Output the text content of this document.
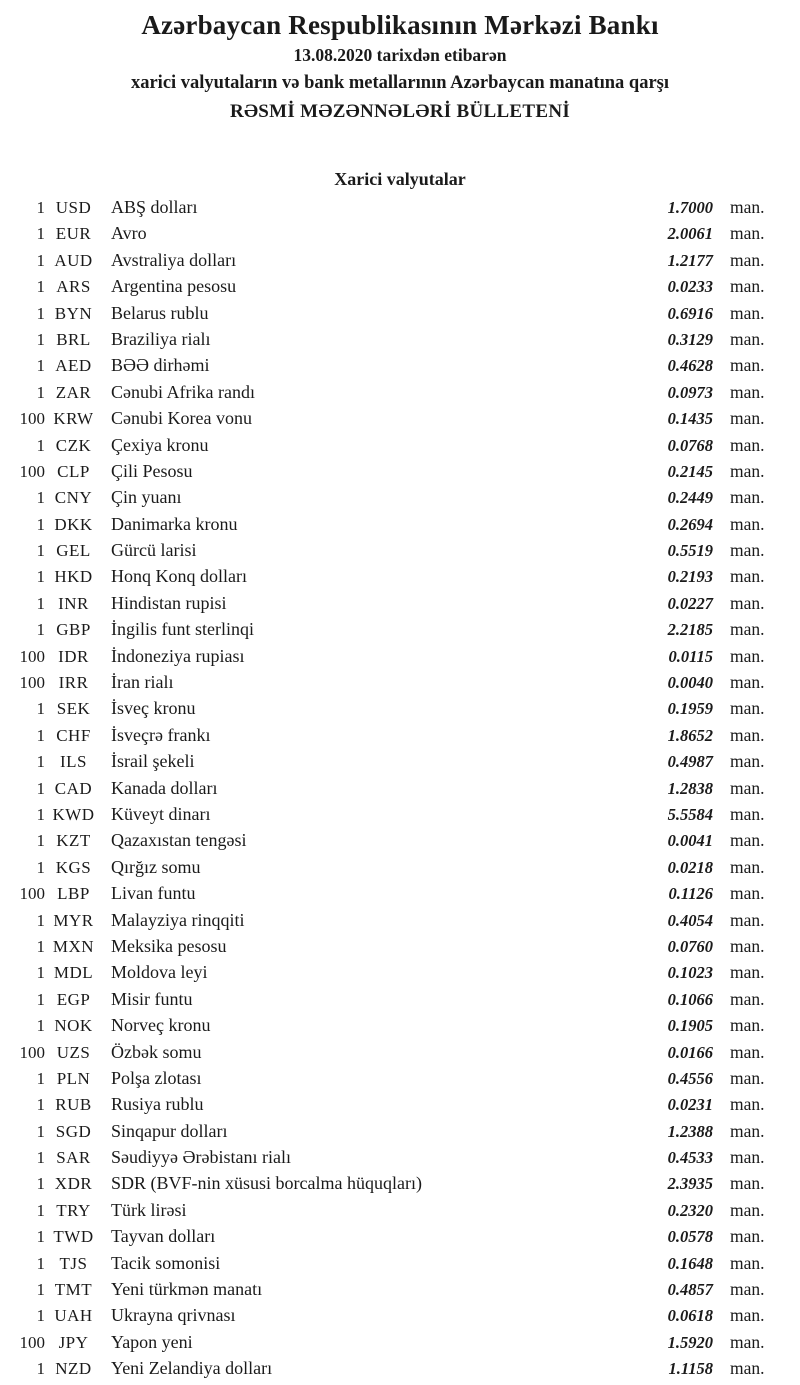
Azərbaycan Respublikasının Mərkəzi Bankı
13.08.2020 tarixdən etibarən
xarici valyutaların və bank metallarının Azərbaycan manatına qarşı
RƏSMİ MƏZƏNNƏLƏRİ BÜLLETENİ
Xarici valyutalar
1 USD	ABŞ dolları	1.7000 man.
1 EUR	Avro	2.0061 man.
1 AUD	Avstraliya dolları	1.2177 man.
1 ARS	Argentina pesosu	0.0233 man.
1 BYN	Belarus rublu	0.6916 man.
1 BRL	Braziliya rialı	0.3129 man.
1 AED	BƏƏ dirhəmi	0.4628 man.
1 ZAR	Cənubi Afrika randı	0.0973 man.
100 KRW Cənubi Korea vonu	0.1435 man.
1 CZK	Çexiya kronu	0.0768 man.
100 CLP	Çili Pesosu	0.2145 man.
1 CNY	Çin yuanı	0.2449 man.
1 DKK	Danimarka kronu	0.2694 man.
1 GEL	Gürcü larisi	0.5519 man.
1 HKD	Honq Konq dolları	0.2193 man.
1 INR	Hindistan rupisi	0.0227 man.
1 GBP	İngilis funt sterlinqi	2.2185 man.
100 IDR	İndoneziya rupiası	0.0115 man.
100 IRR	İran rialı	0.0040 man.
1 SEK	İsveç kronu	0.1959 man.
1 CHF	İsveçrə frankı	1.8652 man.
1 ILS	İsrail şekeli	0.4987 man.
1 CAD	Kanada dolları	1.2838 man.
1 KWD Küveyt dinarı	5.5584 man.
1 KZT	Qazaxıstan tengəsi	0.0041 man.
1 KGS	Qırğız somu	0.0218 man.
100 LBP	Livan funtu	0.1126 man.
1 MYR Malayziya rinqqiti	0.4054 man.
1 MXN Meksika pesosu	0.0760 man.
1 MDL Moldova leyi	0.1023 man.
1 EGP	Misir funtu	0.1066 man.
1 NOK	Norveç kronu	0.1905 man.
100 UZS	Özbək somu	0.0166 man.
1 PLN	Polşa zlotası	0.4556 man.
1 RUB	Rusiya rublu	0.0231 man.
1 SGD	Sinqapur dolları	1.2388 man.
1 SAR	Səudiyyə Ərəbistanı rialı	0.4533 man.
1 XDR	SDR (BVF-nin xüsusi borcalma hüquqları)	2.3935 man.
1 TRY	Türk lirəsi	0.2320 man.
1 TWD Tayvan dolları	0.0578 man.
1 TJS	Tacik somonisi	0.1648 man.
1 TMT	Yeni türkmən manatı	0.4857 man.
1 UAH	Ukrayna qrivnası	0.0618 man.
100 JPY	Yapon yeni	1.5920 man.
1 NZD	Yeni Zelandiya dolları	1.1158 man.
